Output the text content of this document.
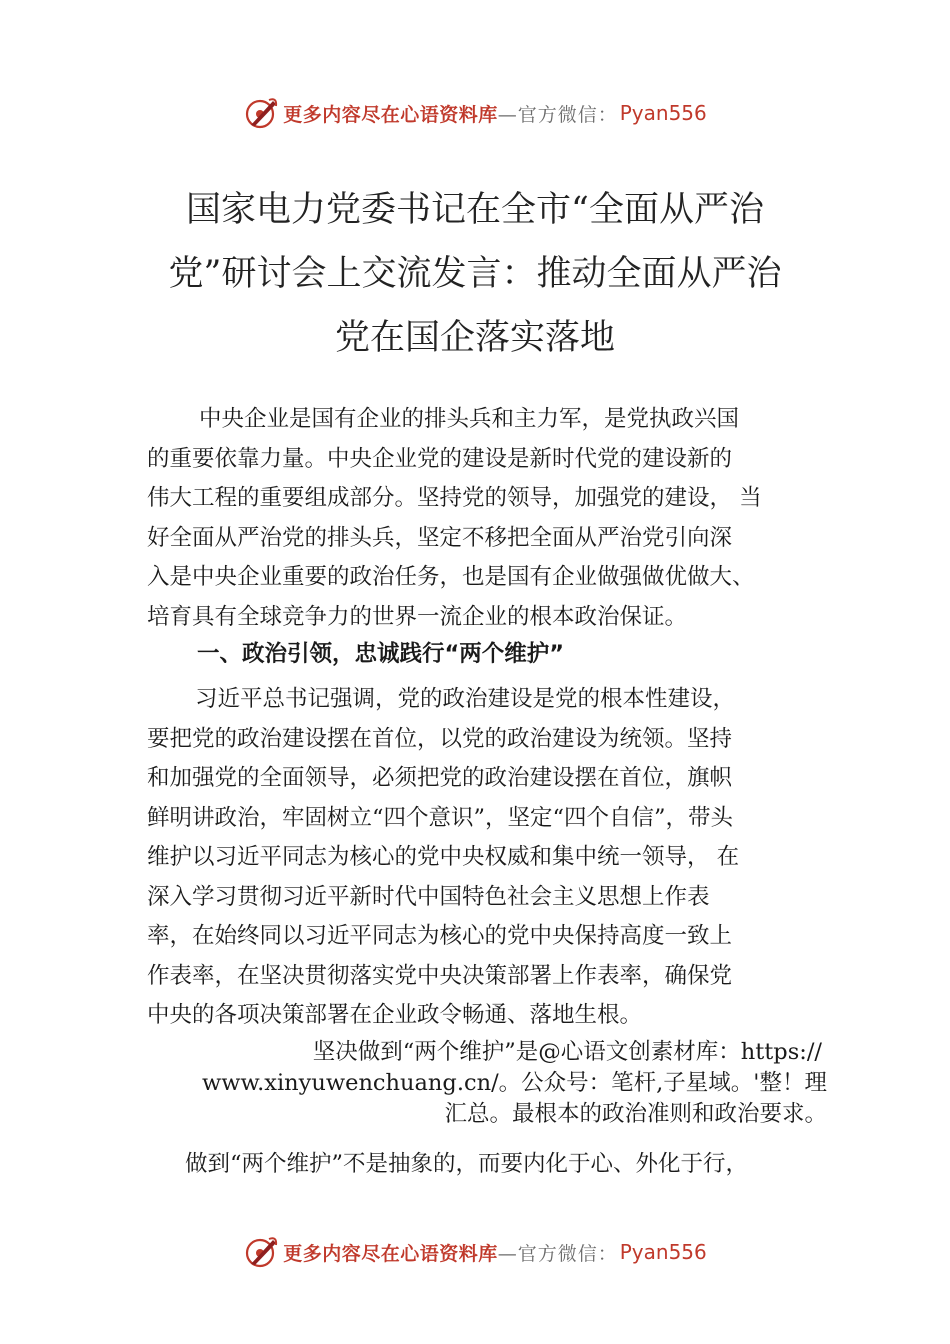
更多内容尽在心语资料库 —官方微信： Pyan556
国家电力党委书记在全市“全面从严治
党”研讨会上交流发言：推动全面从严治
党在国企落实落地
中央企业是国有企业的排头兵和主力军，是党执政兴国
的重要依靠力量。中央企业党的建设是新时代党的建设新的
伟大工程的重要组成部分。坚持党的领导，加强党的建设， 当
好全面从严治党的排头兵，坚定不移把全面从严治党引向深
入是中央企业重要的政治任务，也是国有企业做强做优做大、
培育具有全球竞争力的世界一流企业的根本政治保证。
一、政治引领，忠诚践行“两个维护”
习近平总书记强调，党的政治建设是党的根本性建设，
要把党的政治建设摆在首位，以党的政治建设为统领。坚持
和加强党的全面领导，必须把党的政治建设摆在首位，旗帜
鲜明讲政治，牢固树立“四个意识”，坚定“四个自信”，带头
维护以习近平同志为核心的党中央权威和集中统一领导， 在
深入学习贯彻习近平新时代中国特色社会主义思想上作表
率，在始终同以习近平同志为核心的党中央保持高度一致上
作表率，在坚决贯彻落实党中央决策部署上作表率，确保党
中央的各项决策部署在企业政令畅通、落地生根。
坚决做到“两个维护”是@心语文创素材库：https://
www.xinyuwenchuang.cn/。公众号：笔杆,子星域。'整！理
汇总。最根本的政治准则和政治要求。
做到“两个维护”不是抽象的，而要内化于心、外化于行，
更多内容尽在心语资料库 —官方微信： Pyan556
